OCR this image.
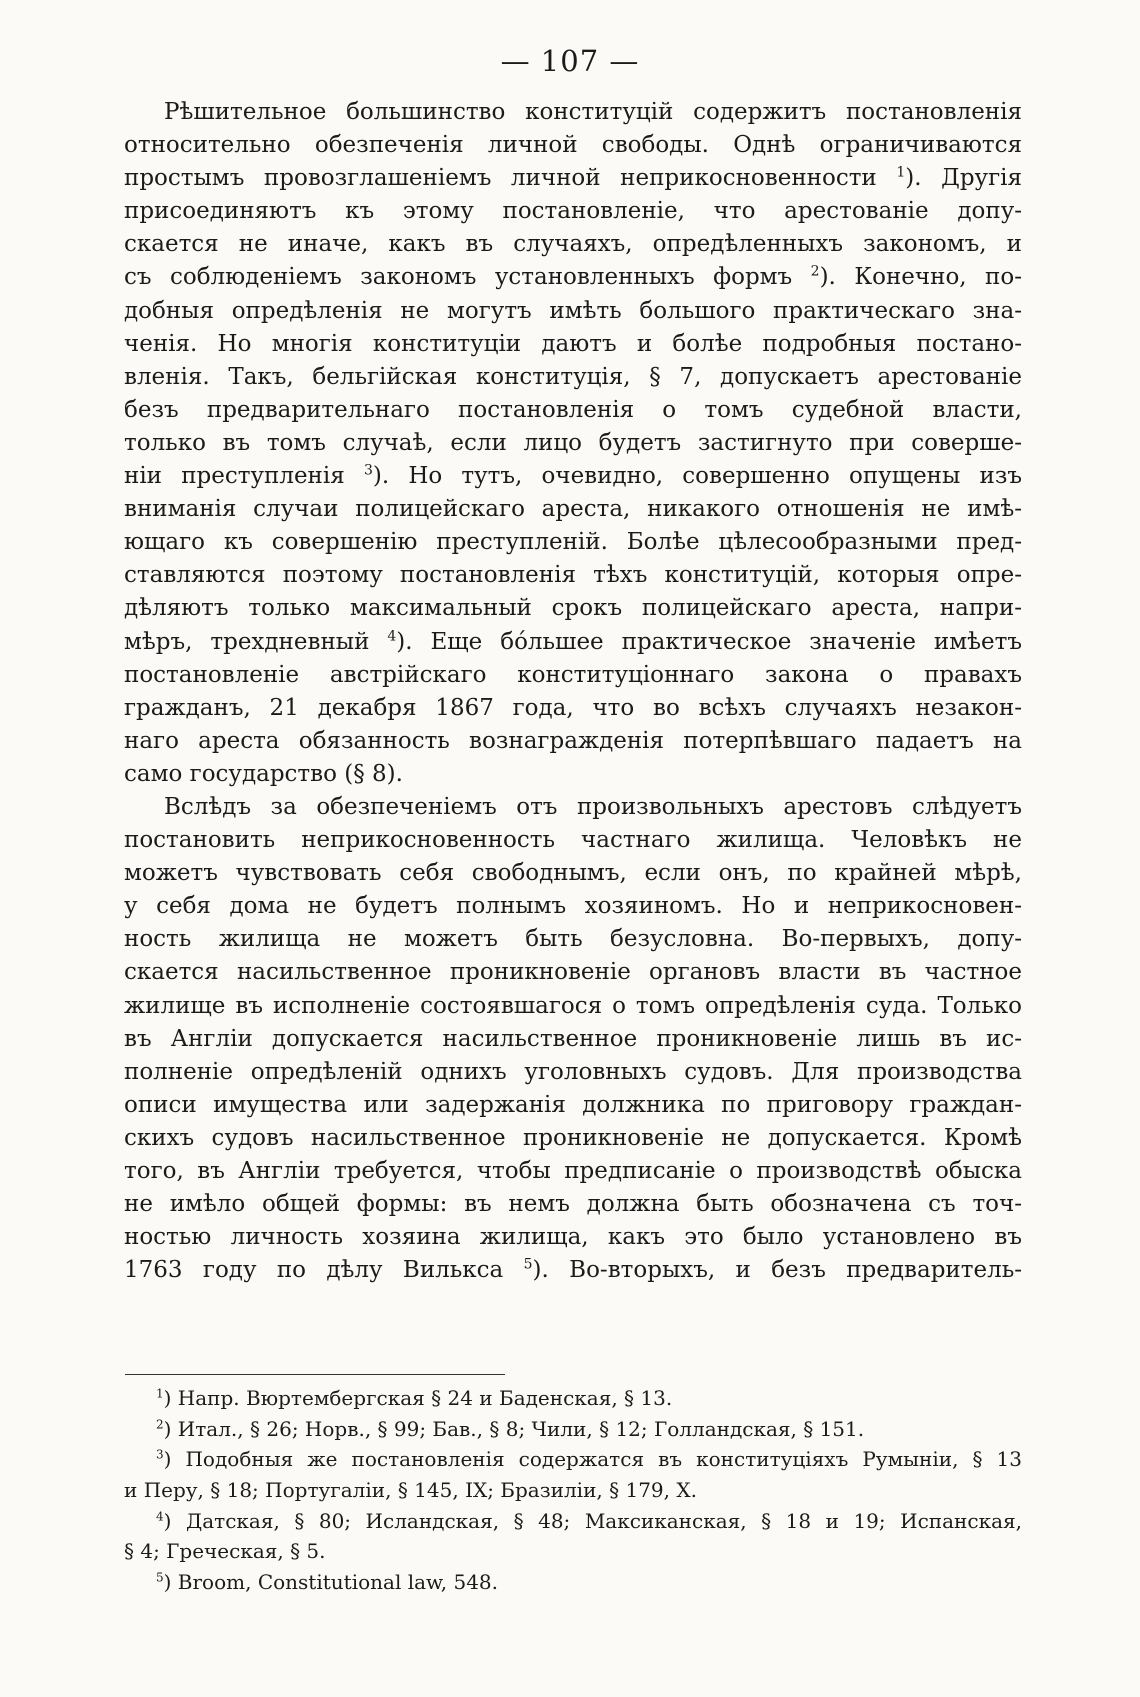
— 107 —
Рѣшительное большинство конституцій содержитъ постановленія
относительно обезпеченія личной свободы. Однѣ ограничиваются
простымъ провозглашеніемъ личной неприкосновенности $^1$). Другія
присоединяютъ къ этому постановленіе, что арестованіе допу-
скается не иначе, какъ въ случаяхъ, опредѣленныхъ закономъ, и
съ соблюденіемъ закономъ установленныхъ формъ $^2$). Конечно, по-
добныя опредѣленія не могутъ имѣть большого практическаго зна-
ченія. Но многія конституціи даютъ и болѣе подробныя постано-
вленія. Такъ, бельгійская конституція, § 7, допускаетъ арестованіе
безъ предварительнаго постановленія о томъ судебной власти,
только въ томъ случаѣ, если лицо будетъ застигнуто при соверше-
ніи преступленія $^3$). Но тутъ, очевидно, совершенно опущены изъ
вниманія случаи полицейскаго ареста, никакого отношенія не имѣ-
ющаго къ совершенію преступленій. Болѣе цѣлесообразными пред-
ставляются поэтому постановленія тѣхъ конституцій, которыя опре-
дѣляютъ только максимальный срокъ полицейскаго ареста, напри-
мѣръ, трехдневный $^4$). Еще бо́льшее практическое значеніе имѣетъ
постановленіе австрійскаго конституціоннаго закона о правахъ
гражданъ, 21 декабря 1867 года, что во всѣхъ случаяхъ незакон-
наго ареста обязанность вознагражденія потерпѣвшаго падаетъ на
само государство (§ 8).
Вслѣдъ за обезпеченіемъ отъ произвольныхъ арестовъ слѣдуетъ
постановить неприкосновенность частнаго жилища. Человѣкъ не
можетъ чувствовать себя свободнымъ, если онъ, по крайней мѣрѣ,
у себя дома не будетъ полнымъ хозяиномъ. Но и неприкосновен-
ность жилища не можетъ быть безусловна. Во-первыхъ, допу-
скается насильственное проникновеніе органовъ власти въ частное
жилище въ исполненіе состоявшагося о томъ опредѣленія суда. Только
въ Англіи допускается насильственное проникновеніе лишь въ ис-
полненіе опредѣленій однихъ уголовныхъ судовъ. Для производства
описи имущества или задержанія должника по приговору граждан-
скихъ судовъ насильственное проникновеніе не допускается. Кромѣ
того, въ Англіи требуется, чтобы предписаніе о производствѣ обыска
не имѣло общей формы: въ немъ должна быть обозначена съ точ-
ностью личность хозяина жилища, какъ это было установлено въ
1763 году по дѣлу Вилькса $^5$). Во-вторыхъ, и безъ предваритель-
$^1$) Напр. Вюртембергская § 24 и Баденская, § 13.
$^2$) Итал., § 26; Норв., § 99; Бав., § 8; Чили, § 12; Голландская, § 151.
$^3$) Подобныя же постановленія содержатся въ конституціяхъ Румыніи, § 13
и Перу, § 18; Португаліи, § 145, IX; Бразиліи, § 179, X.
$^4$) Датская, § 80; Исландская, § 48; Максиканская, § 18 и 19; Испанская,
§ 4; Греческая, § 5.
$^5$) Broom, Constitutional law, 548.
